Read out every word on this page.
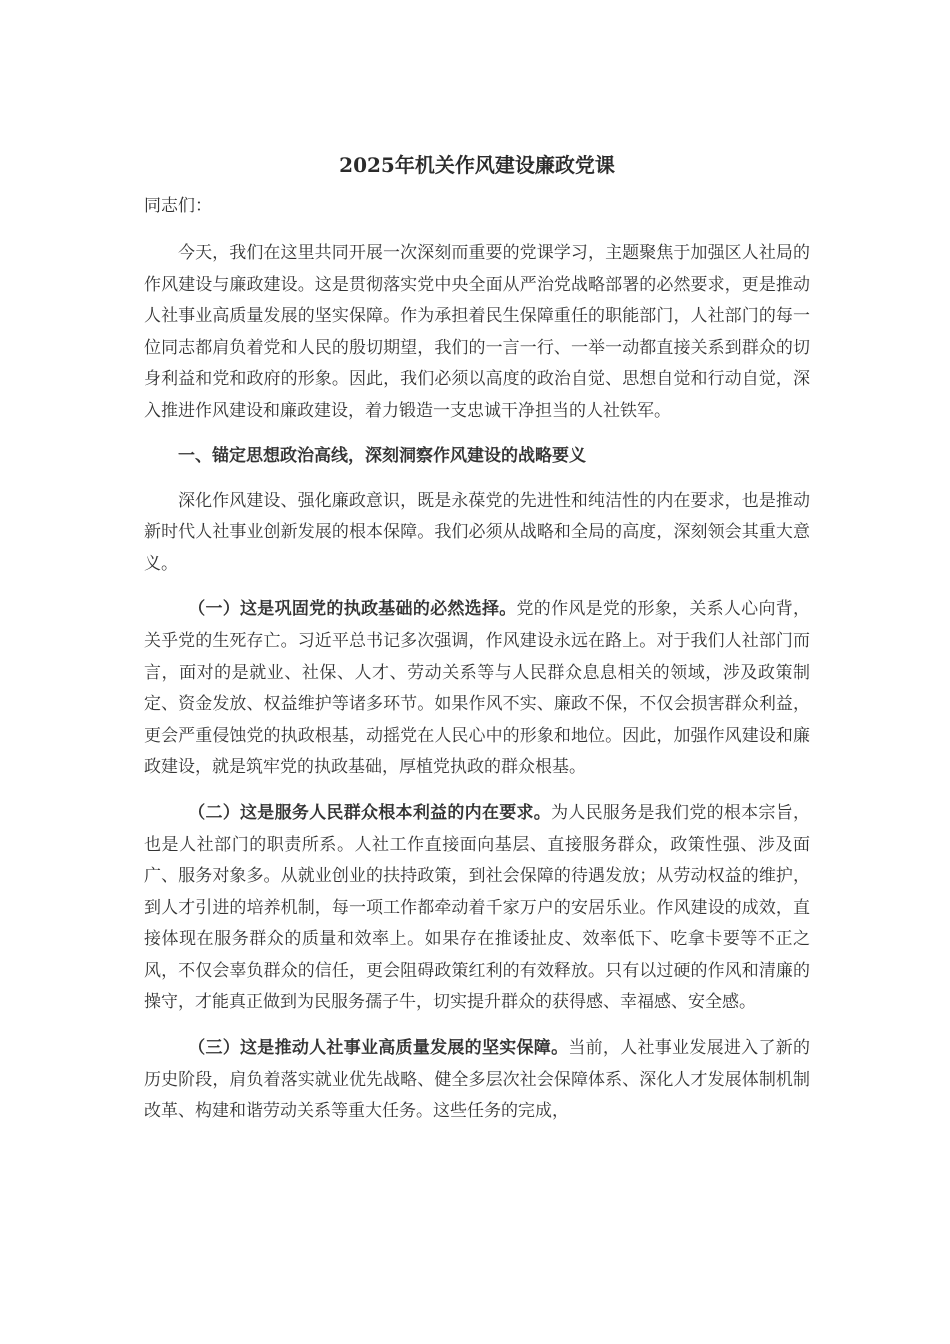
2025年机关作风建设廉政党课

同志们：

今天，我们在这里共同开展一次深刻而重要的党课学习，主题聚焦于加强区人社局的作风建设与廉政建设。这是贯彻落实党中央全面从严治党战略部署的必然要求，更是推动人社事业高质量发展的坚实保障。作为承担着民生保障重任的职能部门，人社部门的每一位同志都肩负着党和人民的殷切期望，我们的一言一行、一举一动都直接关系到群众的切身利益和党和政府的形象。因此，我们必须以高度的政治自觉、思想自觉和行动自觉，深入推进作风建设和廉政建设，着力锻造一支忠诚干净担当的人社铁军。

一、锚定思想政治高线，深刻洞察作风建设的战略要义

深化作风建设、强化廉政意识，既是永葆党的先进性和纯洁性的内在要求，也是推动新时代人社事业创新发展的根本保障。我们必须从战略和全局的高度，深刻领会其重大意义。

（一）这是巩固党的执政基础的必然选择。党的作风是党的形象，关系人心向背，关乎党的生死存亡。习近平总书记多次强调，作风建设永远在路上。对于我们人社部门而言，面对的是就业、社保、人才、劳动关系等与人民群众息息相关的领域，涉及政策制定、资金发放、权益维护等诸多环节。如果作风不实、廉政不保，不仅会损害群众利益，更会严重侵蚀党的执政根基，动摇党在人民心中的形象和地位。因此，加强作风建设和廉政建设，就是筑牢党的执政基础，厚植党执政的群众根基。

（二）这是服务人民群众根本利益的内在要求。为人民服务是我们党的根本宗旨，也是人社部门的职责所系。人社工作直接面向基层、直接服务群众，政策性强、涉及面广、服务对象多。从就业创业的扶持政策，到社会保障的待遇发放；从劳动权益的维护，到人才引进的培养机制，每一项工作都牵动着千家万户的安居乐业。作风建设的成效，直接体现在服务群众的质量和效率上。如果存在推诿扯皮、效率低下、吃拿卡要等不正之风，不仅会辜负群众的信任，更会阻碍政策红利的有效释放。只有以过硬的作风和清廉的操守，才能真正做到为民服务孺子牛，切实提升群众的获得感、幸福感、安全感。

（三）这是推动人社事业高质量发展的坚实保障。当前，人社事业发展进入了新的历史阶段，肩负着落实就业优先战略、健全多层次社会保障体系、深化人才发展体制机制改革、构建和谐劳动关系等重大任务。这些任务的完成，
